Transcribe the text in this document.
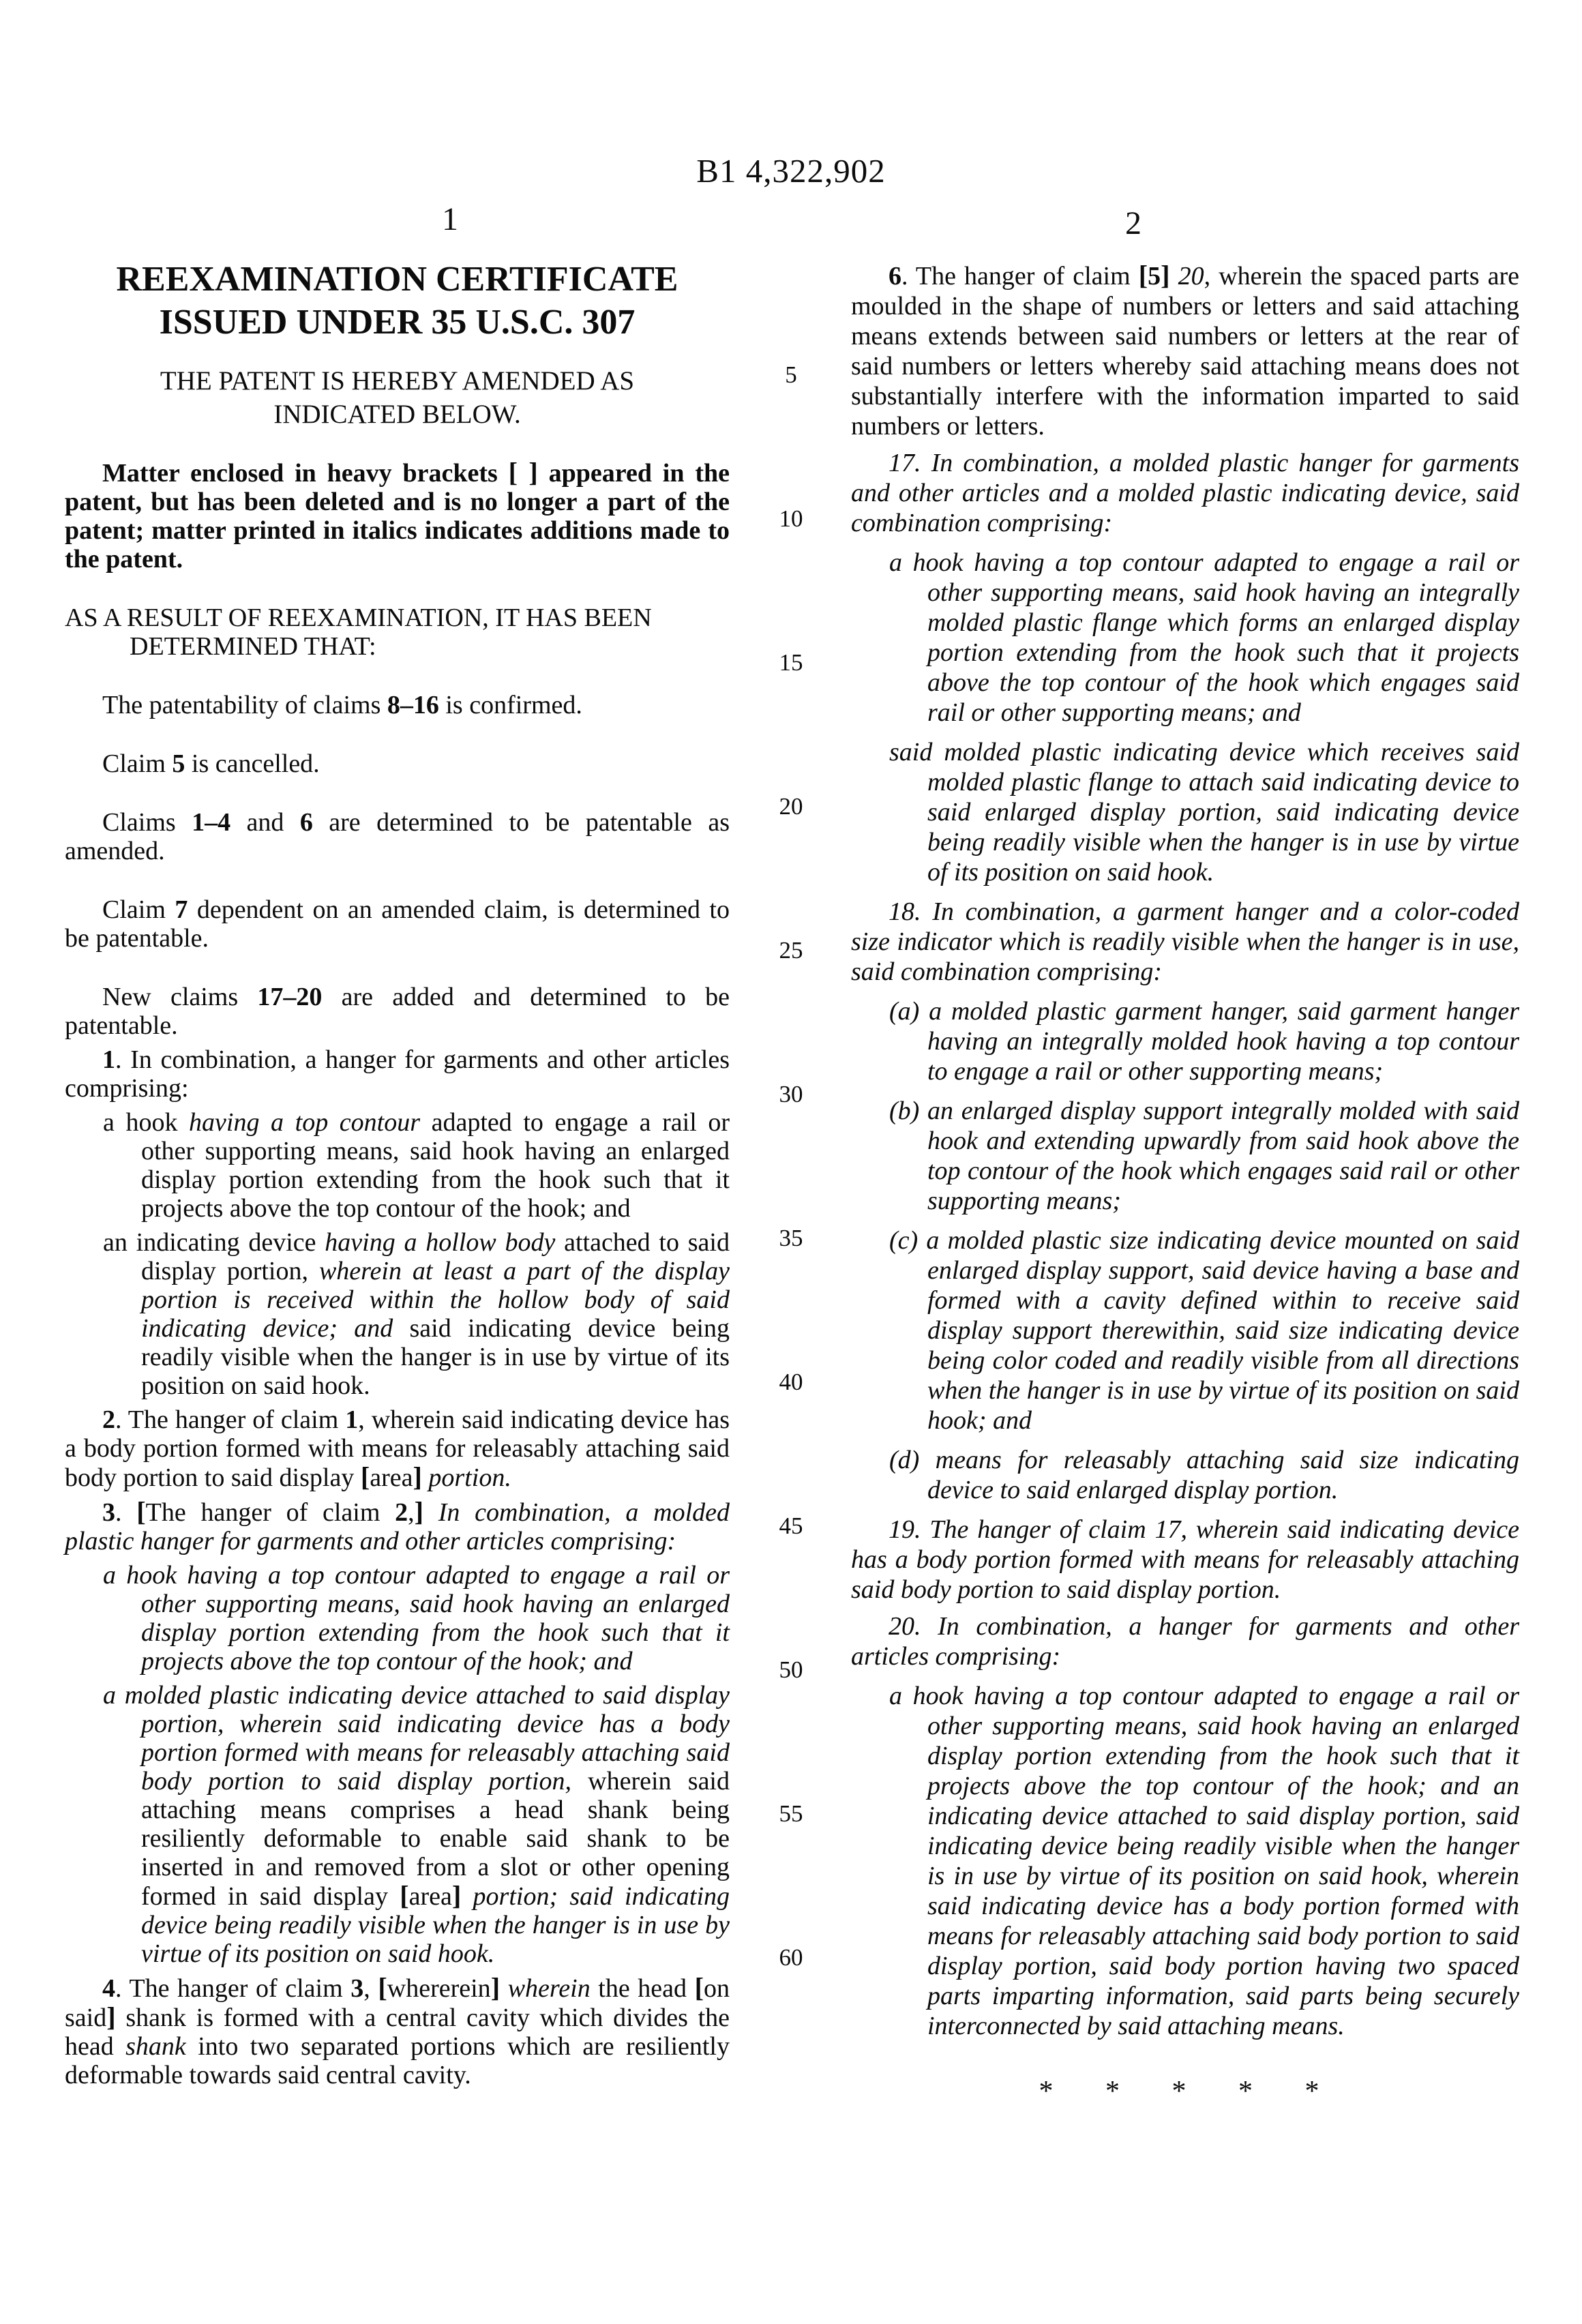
B1 4,322,902
1	2
5
10
15
20
25
30
35
40
45
50
55
60

REEXAMINATION CERTIFICATE

ISSUED UNDER 35 U.S.C. 307

THE PATENT IS HEREBY AMENDED AS

INDICATED BELOW.

Matter enclosed in heavy brackets [ ] appeared in the patent, but has been deleted and is no longer a part of the patent; matter printed in italics indicates additions made to the patent.

AS A RESULT OF REEXAMINATION, IT HAS BEEN DETERMINED THAT:

The patentability of claims 8–16 is confirmed.

Claim 5 is cancelled.

Claims 1–4 and 6 are determined to be patentable as amended.

Claim 7 dependent on an amended claim, is determined to be patentable.

New claims 17–20 are added and determined to be patentable.

1. In combination, a hanger for garments and other articles comprising:

a hook having a top contour adapted to engage a rail or other supporting means, said hook having an enlarged display portion extending from the hook such that it projects above the top contour of the hook; and

an indicating device having a hollow body attached to said display portion, wherein at least a part of the display portion is received within the hollow body of said indicating device; and said indicating device being readily visible when the hanger is in use by virtue of its position on said hook.

2. The hanger of claim 1, wherein said indicating device has a body portion formed with means for releasably attaching said body portion to said display [area] portion.

3. [The hanger of claim 2,] In combination, a molded plastic hanger for garments and other articles comprising:

a hook having a top contour adapted to engage a rail or other supporting means, said hook having an enlarged display portion extending from the hook such that it projects above the top contour of the hook; and

a molded plastic indicating device attached to said display portion, wherein said indicating device has a body portion formed with means for releasably attaching said body portion to said display portion, wherein said attaching means comprises a head shank being resiliently deformable to enable said shank to be inserted in and removed from a slot or other opening formed in said display [area] portion; said indicating device being readily visible when the hanger is in use by virtue of its position on said hook.

4. The hanger of claim 3, [whererein] wherein the head [on said] shank is formed with a central cavity which divides the head shank into two separated portions which are resiliently deformable towards said central cavity.

6. The hanger of claim [5] 20, wherein the spaced parts are moulded in the shape of numbers or letters and said attaching means extends between said numbers or letters at the rear of said numbers or letters whereby said attaching means does not substantially interfere with the information imparted to said numbers or letters.

17. In combination, a molded plastic hanger for garments and other articles and a molded plastic indicating device, said combination comprising:

a hook having a top contour adapted to engage a rail or other supporting means, said hook having an integrally molded plastic flange which forms an enlarged display portion extending from the hook such that it projects above the top contour of the hook which engages said rail or other supporting means; and

said molded plastic indicating device which receives said molded plastic flange to attach said indicating device to said enlarged display portion, said indicating device being readily visible when the hanger is in use by virtue of its position on said hook.

18. In combination, a garment hanger and a color-coded size indicator which is readily visible when the hanger is in use, said combination comprising:

(a) a molded plastic garment hanger, said garment hanger having an integrally molded hook having a top contour to engage a rail or other supporting means;

(b) an enlarged display support integrally molded with said hook and extending upwardly from said hook above the top contour of the hook which engages said rail or other supporting means;

(c) a molded plastic size indicating device mounted on said enlarged display support, said device having a base and formed with a cavity defined within to receive said display support therewithin, said size indicating device being color coded and readily visible from all directions when the hanger is in use by virtue of its position on said hook; and

(d) means for releasably attaching said size indicating device to said enlarged display portion.

19. The hanger of claim 17, wherein said indicating device has a body portion formed with means for releasably attaching said body portion to said display portion.

20. In combination, a hanger for garments and other articles comprising:

a hook having a top contour adapted to engage a rail or other supporting means, said hook having an enlarged display portion extending from the hook such that it projects above the top contour of the hook; and an indicating device attached to said display portion, said indicating device being readily visible when the hanger is in use by virtue of its position on said hook, wherein said indicating device has a body portion formed with means for releasably attaching said body portion to said display portion, said body portion having two spaced parts imparting information, said parts being securely interconnected by said attaching means.

* * * * *
